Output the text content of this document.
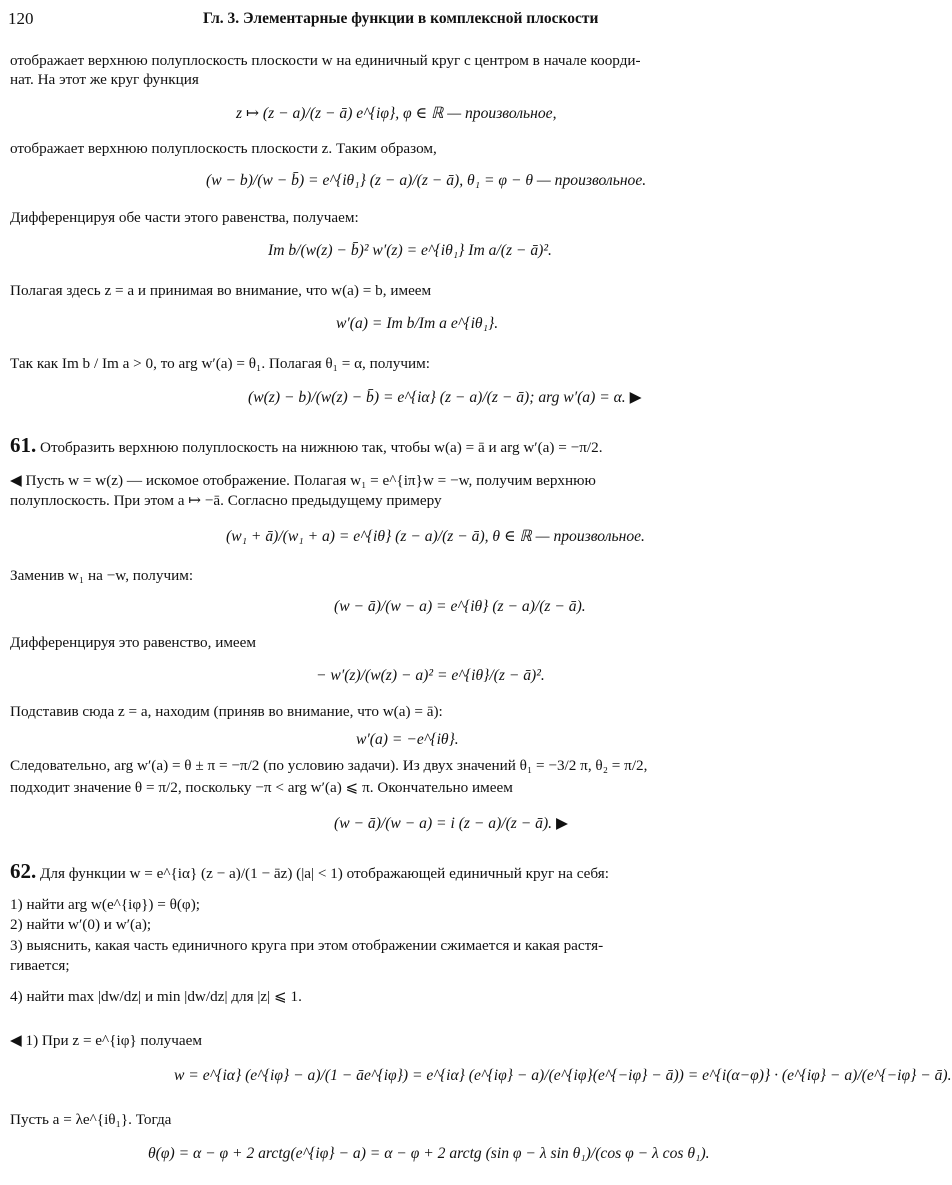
120	Гл. 3. Элементарные функции в комплексной плоскости
отображает верхнюю полуплоскость плоскости w на единичный круг с центром в начале коорди-
нат. На этот же круг функция
z ↦ (z − a)/(z − ā) e^{iφ}, φ ∈ ℝ — произвольное,
отображает верхнюю полуплоскость плоскости z. Таким образом,
(w − b)/(w − b̄) = e^{iθ₁} (z − a)/(z − ā), θ₁ = φ − θ — произвольное.
Дифференцируя обе части этого равенства, получаем:
Im b/(w(z) − b̄)² w′(z) = e^{iθ₁} Im a/(z − ā)².
Полагая здесь z = a и принимая во внимание, что w(a) = b, имеем
w′(a) = Im b/Im a e^{iθ₁}.
Так как Im b / Im a > 0, то arg w′(a) = θ₁. Полагая θ₁ = α, получим:
(w(z) − b)/(w(z) − b̄) = e^{iα} (z − a)/(z − ā); arg w′(a) = α. ▶
61. Отобразить верхнюю полуплоскость на нижнюю так, чтобы w(a) = ā и arg w′(a) = −π/2.
◀ Пусть w = w(z) — искомое отображение. Полагая w₁ = e^{iπ}w = −w, получим верхнюю
полуплоскость. При этом a ↦ −ā. Согласно предыдущему примеру
(w₁ + ā)/(w₁ + a) = e^{iθ} (z − a)/(z − ā), θ ∈ ℝ — произвольное.
Заменив w₁ на −w, получим:
(w − ā)/(w − a) = e^{iθ} (z − a)/(z − ā).
Дифференцируя это равенство, имеем
− w′(z)/(w(z) − a)² = e^{iθ}/(z − ā)².
Подставив сюда z = a, находим (приняв во внимание, что w(a) = ā):
w′(a) = −e^{iθ}.
Следовательно, arg w′(a) = θ ± π = −π/2 (по условию задачи). Из двух значений θ₁ = −3/2 π, θ₂ = π/2,
подходит значение θ = π/2, поскольку −π < arg w′(a) ⩽ π. Окончательно имеем
(w − ā)/(w − a) = i (z − a)/(z − ā). ▶
62. Для функции w = e^{iα} (z − a)/(1 − āz) (|a| < 1) отображающей единичный круг на себя:
1) найти arg w(e^{iφ}) = θ(φ);
2) найти w′(0) и w′(a);
3) выяснить, какая часть единичного круга при этом отображении сжимается и какая растя-
гивается;
4) найти max |dw/dz| и min |dw/dz| для |z| ⩽ 1.
◀ 1) При z = e^{iφ} получаем
w = e^{iα} (e^{iφ} − a)/(1 − āe^{iφ}) = e^{iα} (e^{iφ} − a)/(e^{iφ}(e^{−iφ} − ā)) = e^{i(α−φ)} · (e^{iφ} − a)/(e^{−iφ} − ā).
Пусть a = λe^{iθ₁}. Тогда
θ(φ) = α − φ + 2 arctg(e^{iφ} − a) = α − φ + 2 arctg (sin φ − λ sin θ₁)/(cos φ − λ cos θ₁).
